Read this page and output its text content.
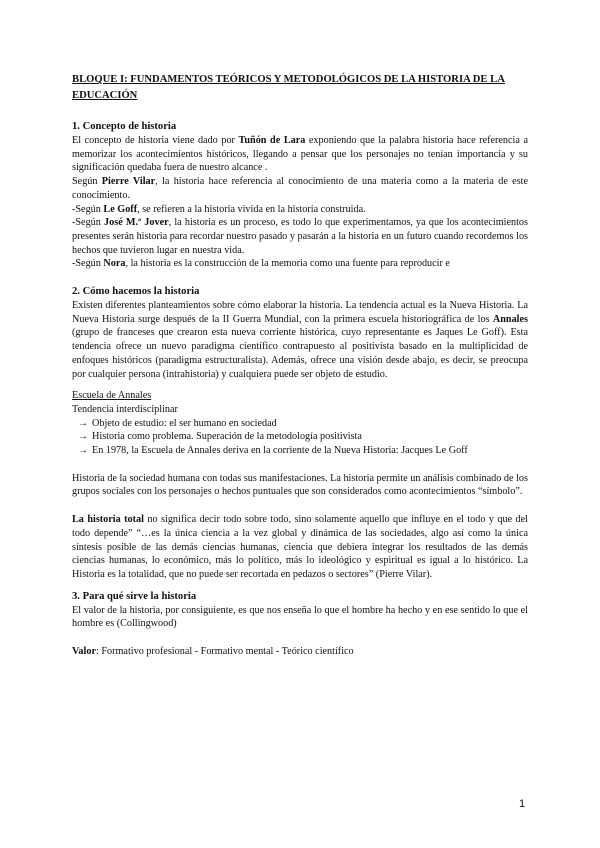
BLOQUE I: FUNDAMENTOS TEÓRICOS Y METODOLÓGICOS DE LA HISTORIA DE LA EDUCACIÓN
1. Concepto de historia

El concepto de historia viene dado por Tuñón de Lara exponiendo que la palabra historia hace referencia a memorizar los acontecimientos históricos, llegando a pensar que los personajes no tenían importancia y su significación quedaba fuera de nuestro alcance .

Según Pierre Vilar, la historia hace referencia al conocimiento de una materia como a la materia de este conocimiento.

-Según Le Goff, se refieren a la historia vivida en la historia construida.

-Según José M.ª Jover, la historia es un proceso, es todo lo que experimentamos, ya que los acontecimientos presentes serán historia para recordar nuestro pasado y pasarán a la historia en un futuro cuando recordemos los hechos que tuvieron lugar en nuestra vida.

-Según Nora, la historia es la construcción de la memoria como una fuente para reproducir e

2. Cómo hacemos la historia

Existen diferentes planteamientos sobre cómo elaborar la historia. La tendencia actual es la Nueva Historia. La Nueva Historia surge después de la II Guerra Mundial, con la primera escuela historiográfica de los Annales (grupo de franceses que crearon esta nueva corriente histórica, cuyo representante es Jaques Le Goff). Esta tendencia ofrece un nuevo paradigma científico contrapuesto al positivista basado en la multiplicidad de enfoques históricos (paradigma estructuralista). Además, ofrece una visión desde abajo, es decir, se preocupa por cualquier persona (intrahistoria) y cualquiera puede ser objeto de estudio.

Escuela de Annales
Tendencia interdisciplinar
→ Objeto de estudio: el ser humano en sociedad
→ Historia como problema. Superación de la metodología positivista
→ En 1978, la Escuela de Annales deriva en la corriente de la Nueva Historia: Jacques Le Goff

Historia de la sociedad humana con todas sus manifestaciones. La historia permite un análisis combinado de los grupos sociales con los personajes o hechos puntuales que son considerados como acontecimientos “símbolo”.

La historia total no significa decir todo sobre todo, sino solamente aquello que influye en el todo y que del todo depende” “…es la única ciencia a la vez global y dinámica de las sociedades, algo así como la única síntesis posible de las demás ciencias humanas, ciencia que debiera integrar los resultados de las demás ciencias humanas, lo económico, más lo político, más lo ideológico y espiritual es igual a lo histórico. La Historia es la totalidad, que no puede ser recortada en pedazos o sectores” (Pierre Vilar).

3. Para qué sirve la historia

El valor de la historia, por consiguiente, es que nos enseña lo que el hombre ha hecho y en ese sentido lo que el hombre es (Collingwood)

Valor: Formativo profesional - Formativo mental - Teórico científico

1
